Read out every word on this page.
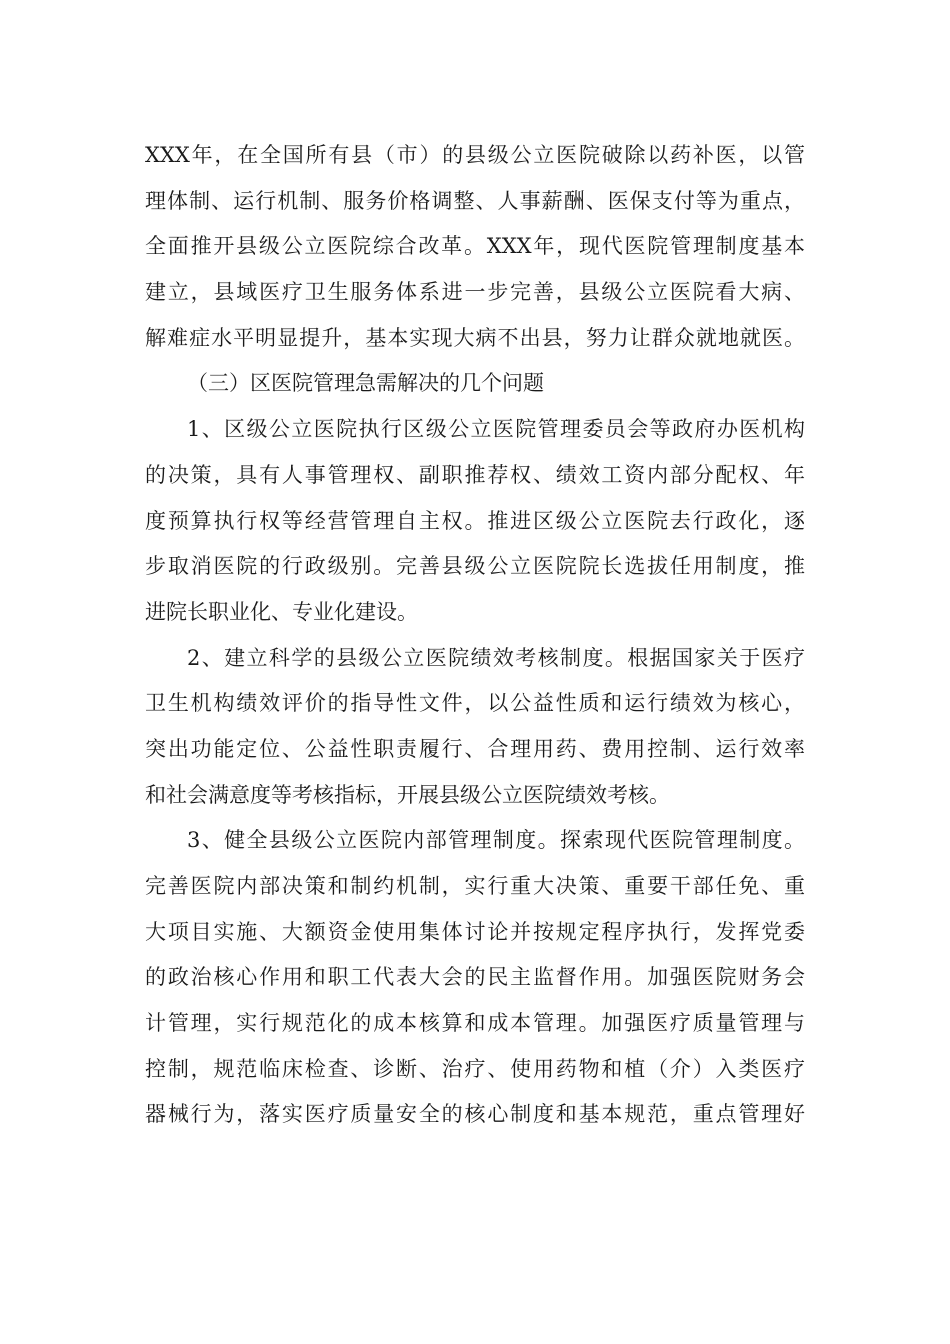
XXX年，在全国所有县（市）的县级公立医院破除以药补医，以管
理体制、运行机制、服务价格调整、人事薪酬、医保支付等为重点，
全面推开县级公立医院综合改革。XXX年，现代医院管理制度基本
建立，县域医疗卫生服务体系进一步完善，县级公立医院看大病、
解难症水平明显提升，基本实现大病不出县，努力让群众就地就医。
（三）区医院管理急需解决的几个问题
1、区级公立医院执行区级公立医院管理委员会等政府办医机构
的决策，具有人事管理权、副职推荐权、绩效工资内部分配权、年
度预算执行权等经营管理自主权。推进区级公立医院去行政化，逐
步取消医院的行政级别。完善县级公立医院院长选拔任用制度，推
进院长职业化、专业化建设。
2、建立科学的县级公立医院绩效考核制度。根据国家关于医疗
卫生机构绩效评价的指导性文件，以公益性质和运行绩效为核心，
突出功能定位、公益性职责履行、合理用药、费用控制、运行效率
和社会满意度等考核指标，开展县级公立医院绩效考核。
3、健全县级公立医院内部管理制度。探索现代医院管理制度。
完善医院内部决策和制约机制，实行重大决策、重要干部任免、重
大项目实施、大额资金使用集体讨论并按规定程序执行，发挥党委
的政治核心作用和职工代表大会的民主监督作用。加强医院财务会
计管理，实行规范化的成本核算和成本管理。加强医疗质量管理与
控制，规范临床检查、诊断、治疗、使用药物和植（介）入类医疗
器械行为，落实医疗质量安全的核心制度和基本规范，重点管理好
